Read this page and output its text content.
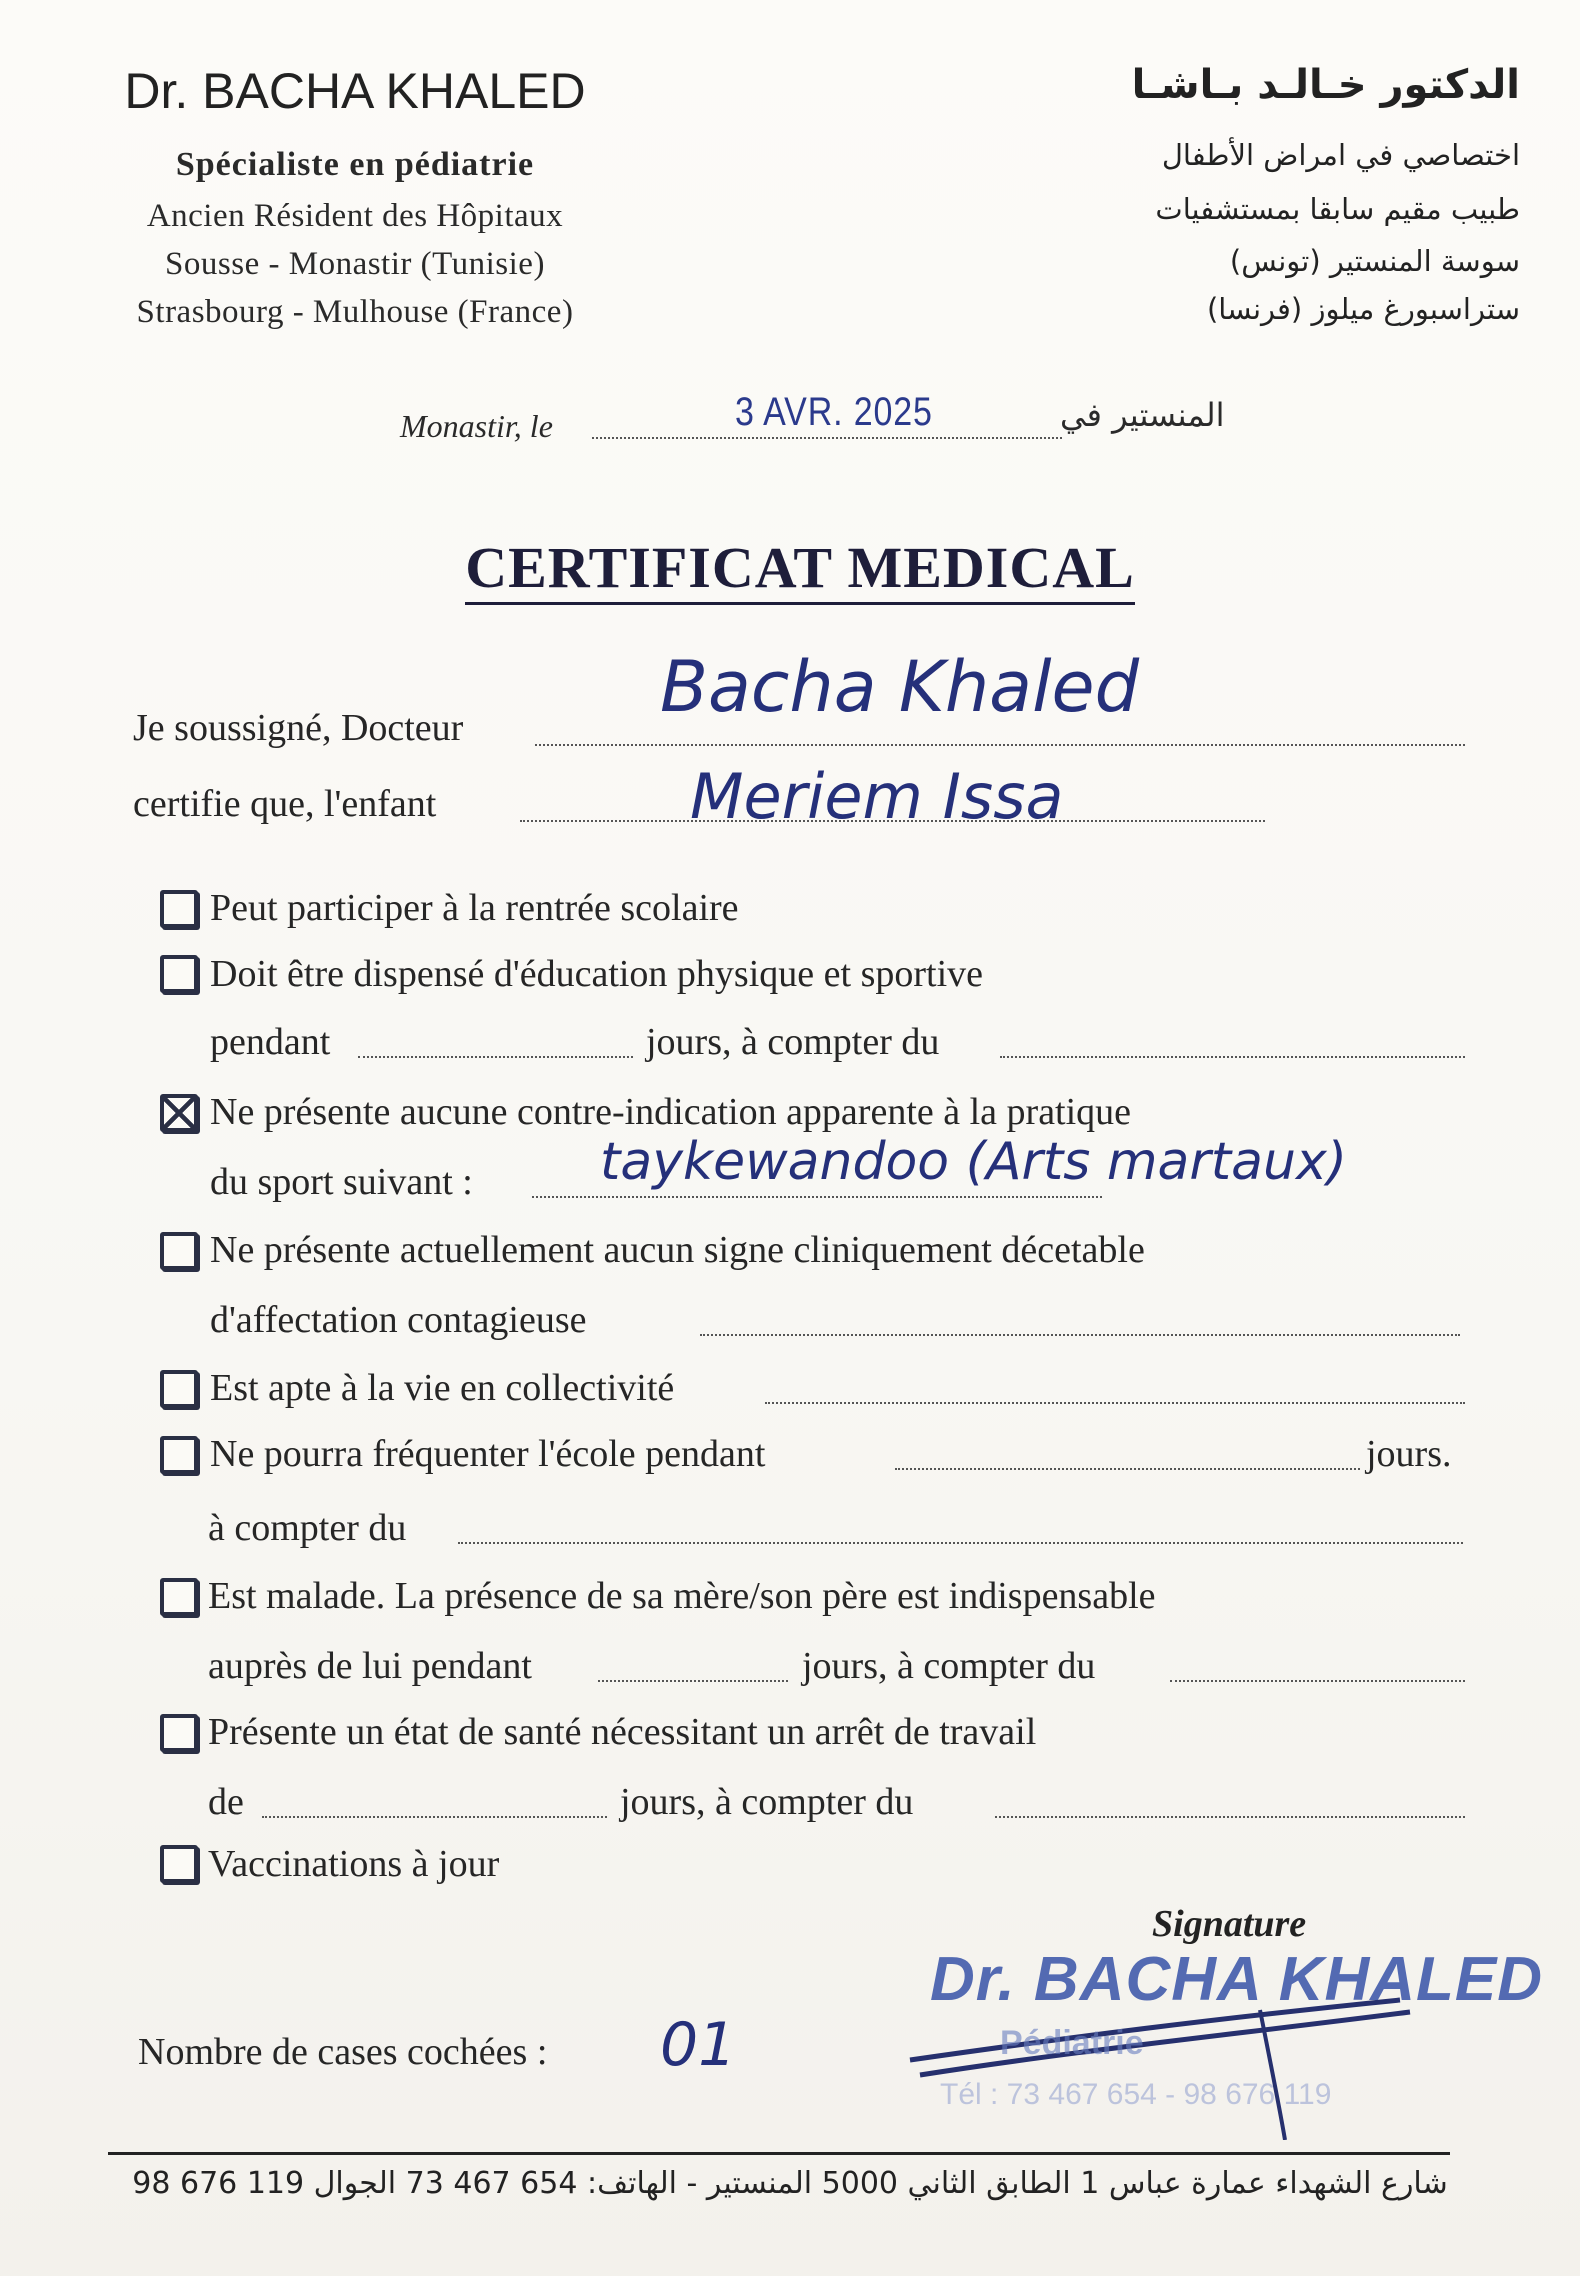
Dr. BACHA KHALED
Spécialiste en pédiatrie
Ancien Résident des Hôpitaux
Sousse - Monastir (Tunisie)
Strasbourg - Mulhouse (France)
الدكتور خـالـد بـاشـا
اختصاصي في امراض الأطفال
طبيب مقيم سابقا بمستشفيات
سوسة المنستير (تونس)
ستراسبورغ ميلوز (فرنسا)
Monastir, le	3 AVR. 2025	المنستير في
CERTIFICAT MEDICAL
Je soussigné, Docteur	Bacha Khaled
certifie que, l'enfant	Meriem Issa
Peut participer à la rentrée scolaire
Doit être dispensé d'éducation physique et sportive
pendant	jours, à compter du
Ne présente aucune contre-indication apparente à la pratique
du sport suivant : taykewandoo (Arts martaux)
Ne présente actuellement aucun signe cliniquement décetable
d'affectation contagieuse
Est apte à la vie en collectivité
Ne pourra fréquenter l'école pendant	jours.
à compter du
Est malade. La présence de sa mère/son père est indispensable
auprès de lui pendant	jours, à compter du
Présente un état de santé nécessitant un arrêt de travail
de	jours, à compter du
Vaccinations à jour
Signature
Dr. BACHA KHALED
Pédiatrie
Tél : 73 467 654 - 98 676 119
Nombre de cases cochées : 01
شارع الشهداء عمارة عباس 1 الطابق الثاني 5000 المنستير - الهاتف: 654 467 73 الجوال 119 676 98
